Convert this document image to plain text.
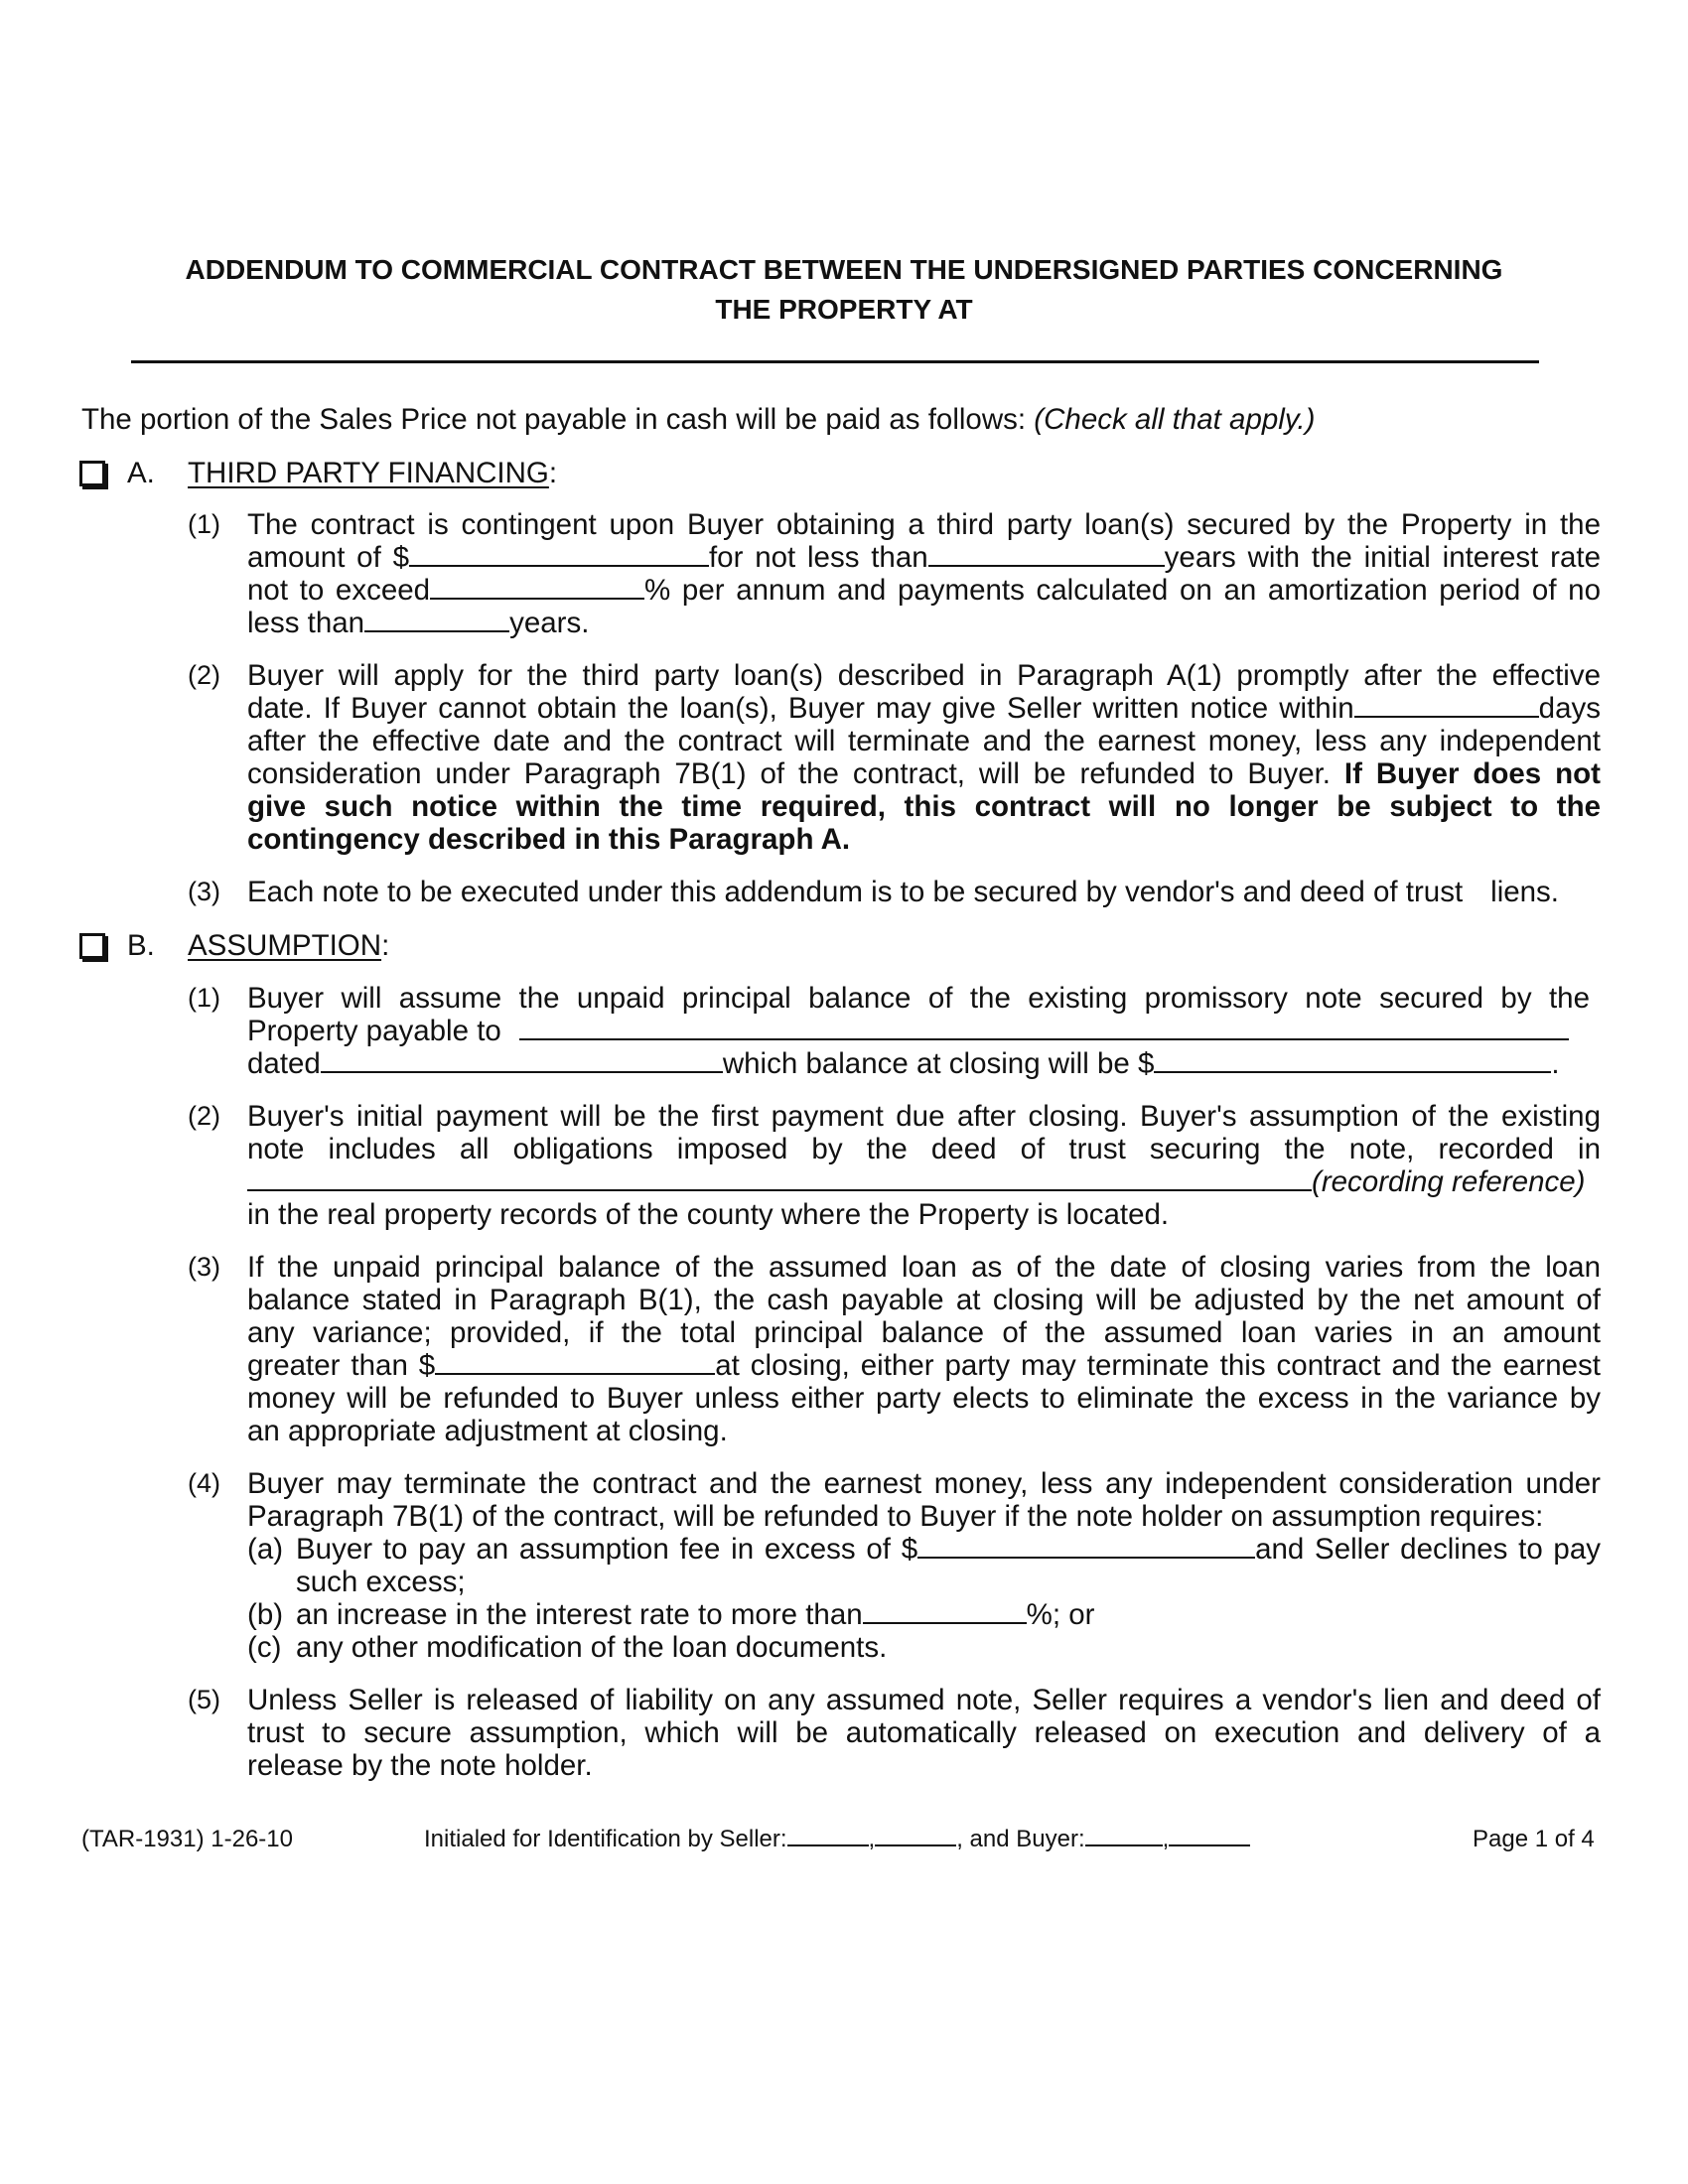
ADDENDUM TO COMMERCIAL CONTRACT BETWEEN THE UNDERSIGNED PARTIES CONCERNING
THE PROPERTY AT
The portion of the Sales Price not payable in cash will be paid as follows: (Check all that apply.)
A. THIRD PARTY FINANCING:
(1) The contract is contingent upon Buyer obtaining a third party loan(s) secured by the Property in the
amount of $	for not less than	years with the initial interest rate
not to exceed	% per annum and payments calculated on an amortization period of no
less than	years.
(2) Buyer will apply for the third party loan(s) described in Paragraph A(1) promptly after the effective
date. If Buyer cannot obtain the loan(s), Buyer may give Seller written notice within	days
after the effective date and the contract will terminate and the earnest money, less any independent
consideration under Paragraph 7B(1) of the contract, will be refunded to Buyer. If Buyer does not
give such notice within the time required, this contract will no longer be subject to the
contingency described in this Paragraph A.
(3) Each note to be executed under this addendum is to be secured by vendor's and deed of trust liens.
B. ASSUMPTION:
(1) Buyer will assume the unpaid principal balance of the existing promissory note secured by the
Property payable to
dated	which balance at closing will be $	.
(2) Buyer's initial payment will be the first payment due after closing. Buyer's assumption of the existing
note includes all obligations imposed by the deed of trust securing the note, recorded in
(recording reference)
in the real property records of the county where the Property is located.
(3) If the unpaid principal balance of the assumed loan as of the date of closing varies from the loan
balance stated in Paragraph B(1), the cash payable at closing will be adjusted by the net amount of
any variance; provided, if the total principal balance of the assumed loan varies in an amount
greater than $	at closing, either party may terminate this contract and the earnest
money will be refunded to Buyer unless either party elects to eliminate the excess in the variance by
an appropriate adjustment at closing.
(4) Buyer may terminate the contract and the earnest money, less any independent consideration under
Paragraph 7B(1) of the contract, will be refunded to Buyer if the note holder on assumption requires:
(a) Buyer to pay an assumption fee in excess of $	and Seller declines to pay
such excess;
(b) an increase in the interest rate to more than	%; or
(c) any other modification of the loan documents.
(5) Unless Seller is released of liability on any assumed note, Seller requires a vendor's lien and deed of
trust to secure assumption, which will be automatically released on execution and delivery of a
release by the note holder.
(TAR-1931) 1-26-10	Initialed for Identification by Seller:	,	, and Buyer:	,	Page 1 of 4
